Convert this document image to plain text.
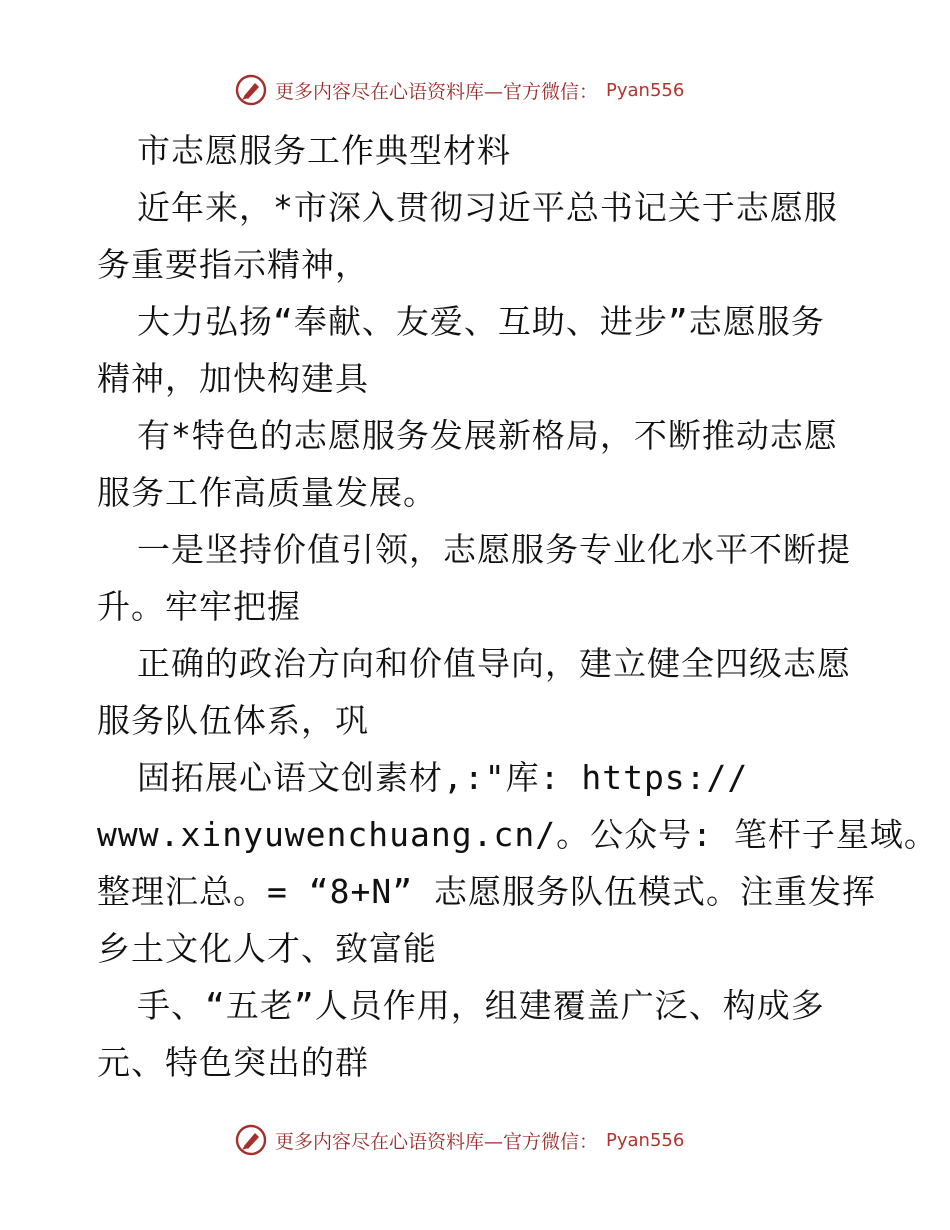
更多内容尽在心语资料库—官方微信： Pyan556

市志愿服务工作典型材料

近年来，*市深入贯彻习近平总书记关于志愿服

务重要指示精神，

大力弘扬“奉献、友爱、互助、进步”志愿服务

精神，加快构建具

有*特色的志愿服务发展新格局，不断推动志愿

服务工作高质量发展。

一是坚持价值引领，志愿服务专业化水平不断提

升。牢牢把握

正确的政治方向和价值导向，建立健全四级志愿

服务队伍体系，巩

固拓展心语文创素材,:"库: https://

www.xinyuwenchuang.cn/。公众号: 笔杆子星域。

整理汇总。= “8+N” 志愿服务队伍模式。注重发挥

乡土文化人才、致富能

手、“五老”人员作用，组建覆盖广泛、构成多

元、特色突出的群

更多内容尽在心语资料库—官方微信： Pyan556
